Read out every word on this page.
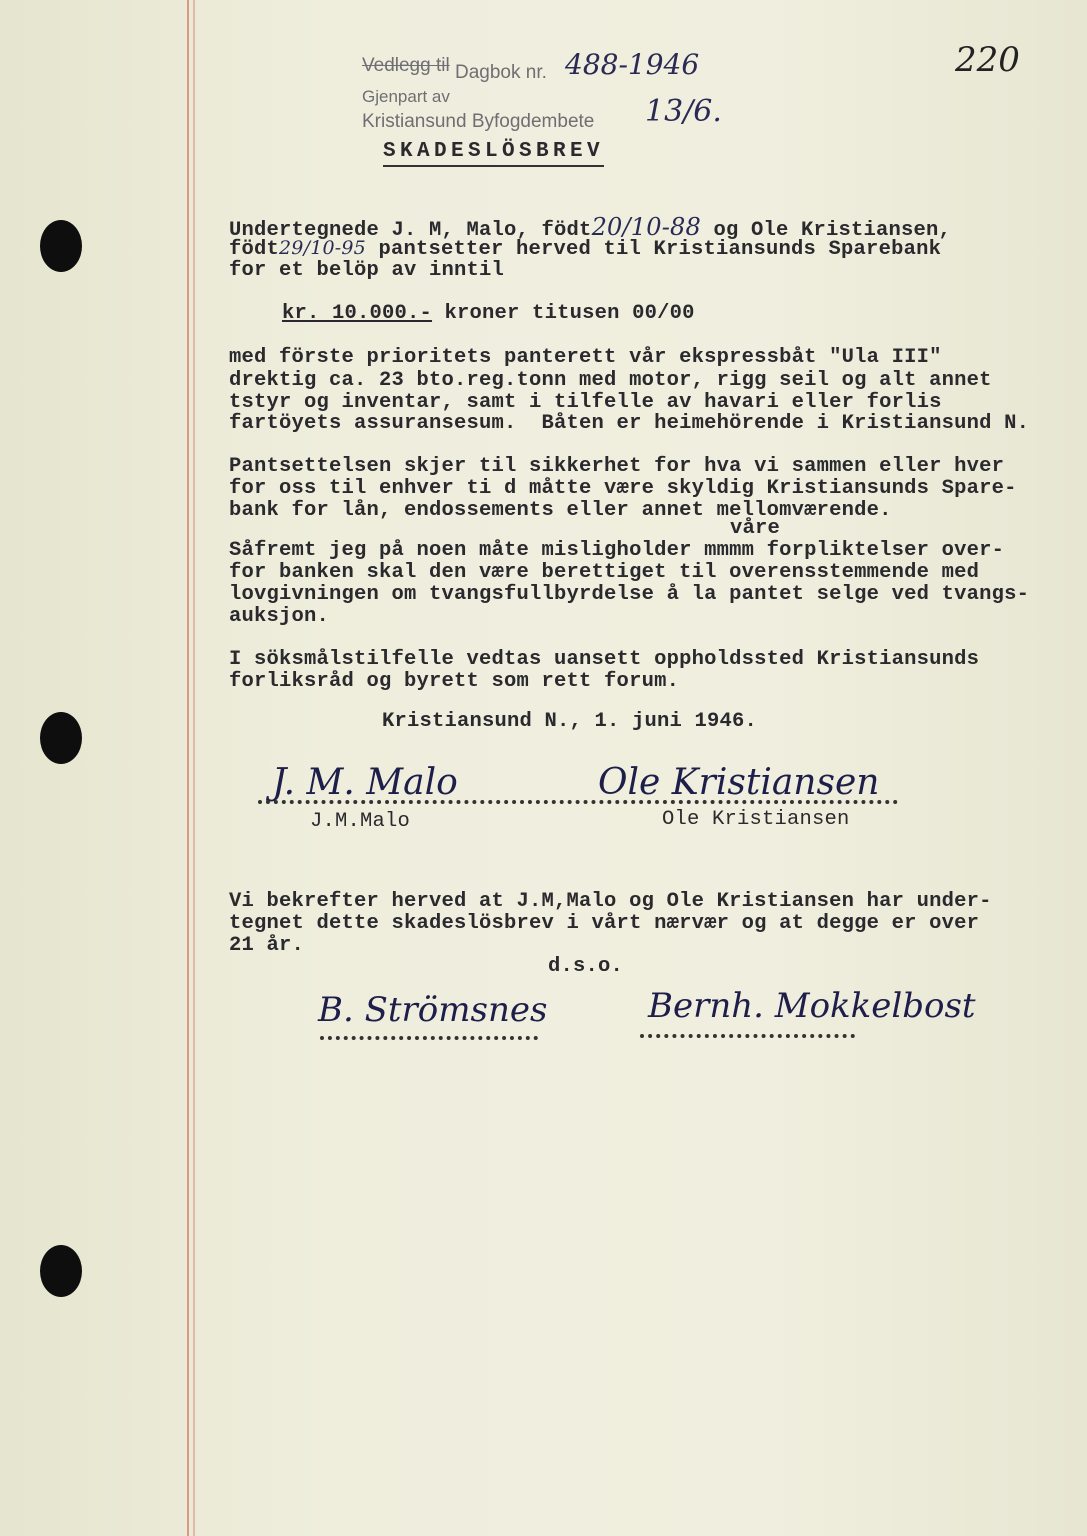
220
Vedlegg til Dagbok nr. 488-1946
Gjenpart av
Kristiansund Byfogdembete 13/6.
SKADESLÖSBREV
Undertegnede J. M, Malo, födt20/10-88 og Ole Kristiansen,
födt29/10-95 pantsetter herved til Kristiansunds Sparebank
for et belöp av inntil
kr. 10.000.- kroner titusen 00/00
med förste prioritets panterett vår ekspressbåt "Ula III"
drektig ca. 23 bto.reg.tonn med motor, rigg seil og alt annet
tstyr og inventar, samt i tilfelle av havari eller forlis
fartöyets assuransesum.  Båten er heimehörende i Kristiansund N.
Pantsettelsen skjer til sikkerhet for hva vi sammen eller hver
for oss til enhver ti d måtte være skyldig Kristiansunds Spare-
bank for lån, endossements eller annet mellomværende.
våre
Såfremt jeg på noen måte misligholder mmmm forpliktelser over-
for banken skal den være berettiget til overensstemmende med
lovgivningen om tvangsfullbyrdelse å la pantet selge ved tvangs-
auksjon.
I söksmålstilfelle vedtas uansett oppholdssted Kristiansunds
forliksråd og byrett som rett forum.
Kristiansund N., 1. juni 1946.
J. M. Malo	Ole Kristiansen
J.M.Malo	Ole Kristiansen
Vi bekrefter herved at J.M,Malo og Ole Kristiansen har under-
tegnet dette skadeslösbrev i vårt nærvær og at degge er over
21 år.
d.s.o.
B. Strömsnes	Bernh. Mokkelbost
